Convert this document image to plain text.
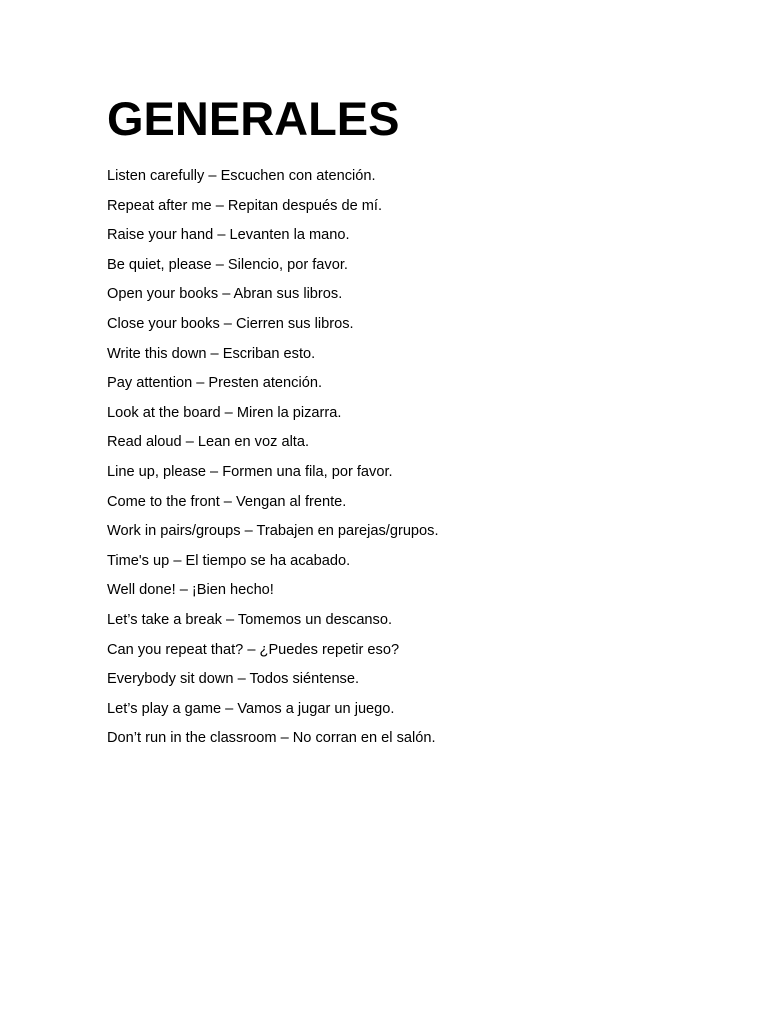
GENERALES
Listen carefully – Escuchen con atención.
Repeat after me – Repitan después de mí.
Raise your hand – Levanten la mano.
Be quiet, please – Silencio, por favor.
Open your books – Abran sus libros.
Close your books – Cierren sus libros.
Write this down – Escriban esto.
Pay attention – Presten atención.
Look at the board – Miren la pizarra.
Read aloud – Lean en voz alta.
Line up, please – Formen una fila, por favor.
Come to the front – Vengan al frente.
Work in pairs/groups – Trabajen en parejas/grupos.
Time's up – El tiempo se ha acabado.
Well done! – ¡Bien hecho!
Let’s take a break – Tomemos un descanso.
Can you repeat that? – ¿Puedes repetir eso?
Everybody sit down – Todos siéntense.
Let’s play a game – Vamos a jugar un juego.
Don’t run in the classroom – No corran en el salón.
